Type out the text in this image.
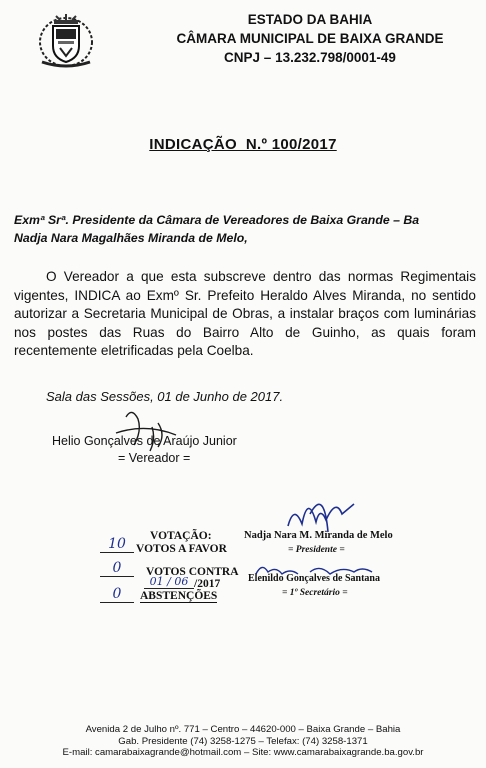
ESTADO DA BAHIA
CÂMARA MUNICIPAL DE BAIXA GRANDE
CNPJ – 13.232.798/0001-49
INDICAÇÃO  N.º 100/2017
Exmª Srª. Presidente da Câmara de Vereadores de Baixa Grande – Ba
Nadja Nara Magalhães Miranda de Melo,

O Vereador a que esta subscreve dentro das normas Regimentais vigentes, INDICA ao Exmº Sr. Prefeito Heraldo Alves Miranda, no sentido autorizar a Secretaria Municipal de Obras, a instalar braços com luminárias nos postes das Ruas do Bairro Alto de Guinho, as quais foram recentemente eletrificadas pela Coelba.

Sala das Sessões, 01 de Junho de 2017.
Helio Gonçalves de Araújo Junior
= Vereador =
VOTAÇÃO:
10 VOTOS A FAVOR
0	VOTOS CONTRA
01 / 06 /2017
0	ABSTENÇÕES
Nadja Nara M. Miranda de Melo
= Presidente =
Elenildo Gonçalves de Santana
= 1º Secretário =
Avenida 2 de Julho nº. 771 – Centro – 44620-000 – Baixa Grande – Bahia
Gab. Presidente (74) 3258-1275 – Telefax: (74) 3258-1371
E-mail: camarabaixagrande@hotmail.com – Site: www.camarabaixagrande.ba.gov.br
